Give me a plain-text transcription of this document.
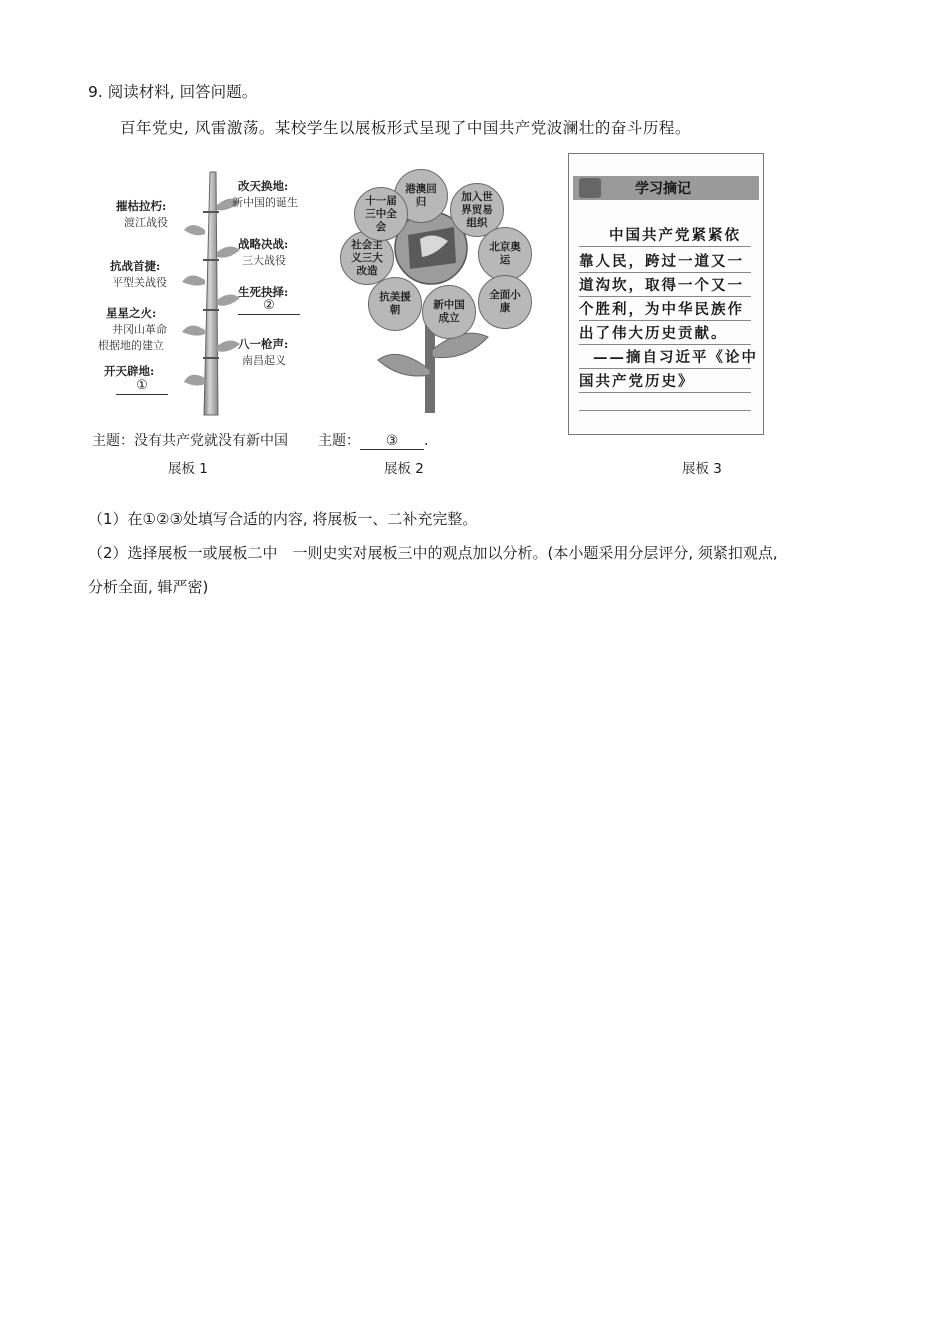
9. 阅读材料, 回答问题。
百年党史, 风雷激荡。某校学生以展板形式呈现了中国共产党波澜壮的奋斗历程。
开天辟地:
①
星星之火:
井冈山革命
根据地的建立
抗战首捷:
平型关战役
摧枯拉朽:
渡江战役
八一枪声:
南昌起义
生死抉择:
②
战略决战:
三大战役
改天换地:
新中国的诞生
港澳回归	加入世界贸易组织
北京奥运
全面小康
新中国成立
抗美援朝
社会主义三大改造
十一届三中全会
学习摘记
中国共产党紧紧依
靠人民，跨过一道又一
道沟坎，取得一个又一
个胜利，为中华民族作
出了伟大历史贡献。
——摘自习近平《论中
国共产党历史》
主题：没有共产党就没有新中国 主题： ③ .
展板 1	展板 2	展板 3
（1）在①②③处填写合适的内容, 将展板一、二补充完整。
（2）选择展板一或展板二中　一则史实对展板三中的观点加以分析。(本小题采用分层评分, 须紧扣观点,
分析全面, 辑严密)
